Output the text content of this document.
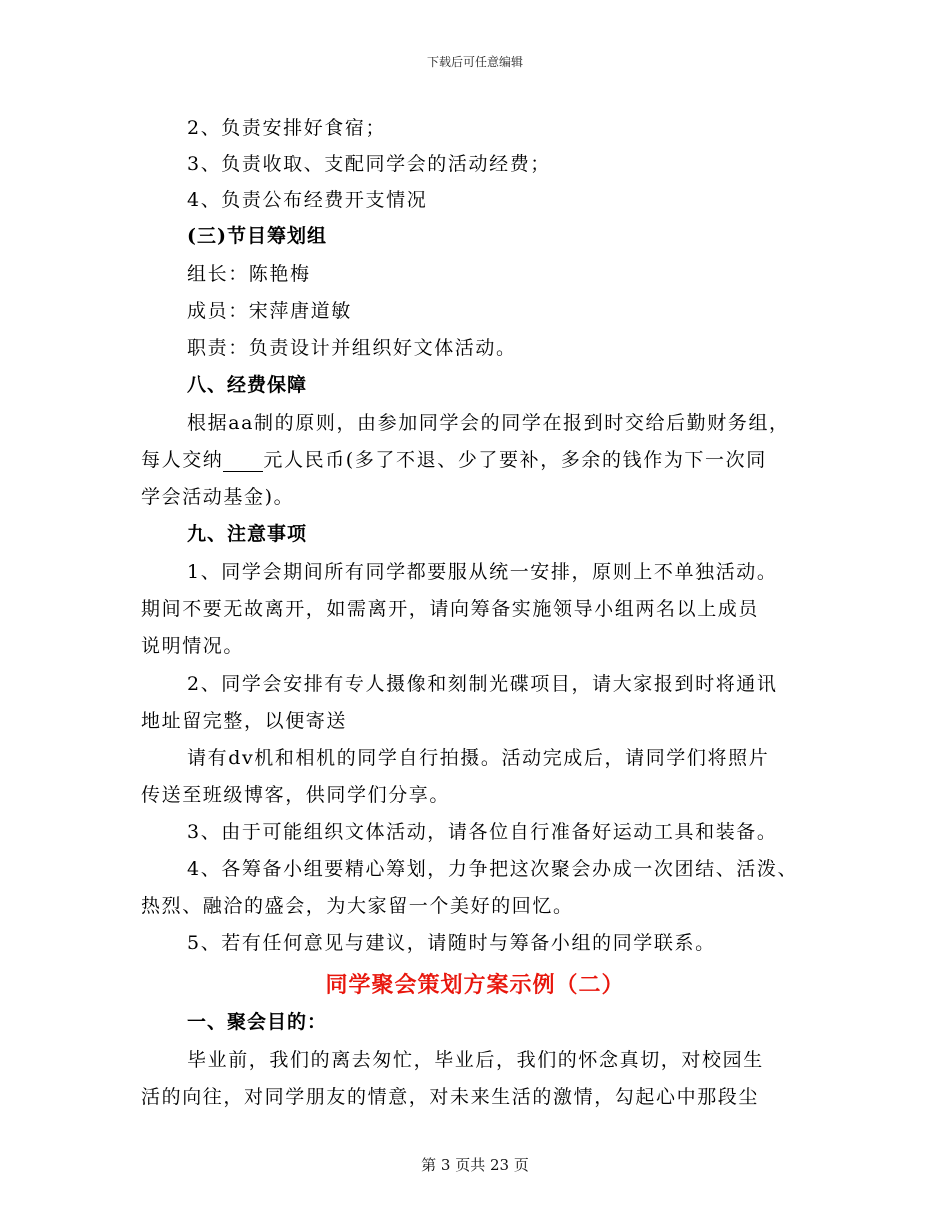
下载后可任意编辑
2、负责安排好食宿；
3、负责收取、支配同学会的活动经费；
4、负责公布经费开支情况
(三)节目筹划组
组长：陈艳梅
成员：宋萍唐道敏
职责：负责设计并组织好文体活动。
八、经费保障
根据aa制的原则，由参加同学会的同学在报到时交给后勤财务组，
每人交纳 元人民币(多了不退、少了要补，多余的钱作为下一次同
学会活动基金)。
九、注意事项
1、同学会期间所有同学都要服从统一安排，原则上不单独活动。
期间不要无故离开，如需离开，请向筹备实施领导小组两名以上成员
说明情况。
2、同学会安排有专人摄像和刻制光碟项目，请大家报到时将通讯
地址留完整，以便寄送
请有dv机和相机的同学自行拍摄。活动完成后，请同学们将照片
传送至班级博客，供同学们分享。
3、由于可能组织文体活动，请各位自行准备好运动工具和装备。
4、各筹备小组要精心筹划，力争把这次聚会办成一次团结、活泼、
热烈、融洽的盛会，为大家留一个美好的回忆。
5、若有任何意见与建议，请随时与筹备小组的同学联系。
同学聚会策划方案示例（二）
一、聚会目的：
毕业前，我们的离去匆忙，毕业后，我们的怀念真切，对校园生
活的向往，对同学朋友的情意，对未来生活的激情，勾起心中那段尘
第 3 页共 23 页
